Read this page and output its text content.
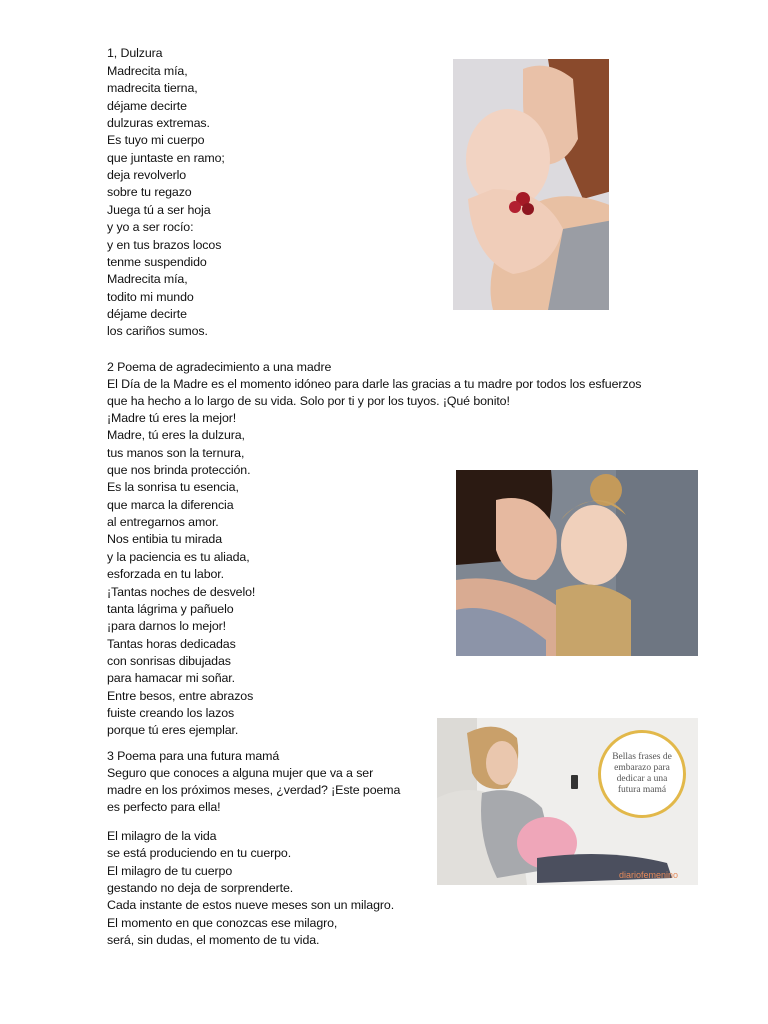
1, Dulzura
Madrecita mía,
madrecita tierna,
déjame decirte
dulzuras extremas.
Es tuyo mi cuerpo
que juntaste en ramo;
deja revolverlo
sobre tu regazo
Juega tú a ser hoja
y yo a ser rocío:
y en tus brazos locos
tenme suspendido
Madrecita mía,
todito mi mundo
déjame decirte
los cariños sumos.
2 Poema de agradecimiento a una madre
El Día de la Madre es el momento idóneo para darle las gracias a tu madre por todos los esfuerzos
que ha hecho a lo largo de su vida. Solo por ti y por los tuyos. ¡Qué bonito!
¡Madre tú eres la mejor!
Madre, tú eres la dulzura,
tus manos son la ternura,
que nos brinda protección.
Es la sonrisa tu esencia,
que marca la diferencia
al entregarnos amor.
Nos entibia tu mirada
y la paciencia es tu aliada,
esforzada en tu labor.
¡Tantas noches de desvelo!
tanta lágrima y pañuelo
¡para darnos lo mejor!
Tantas horas dedicadas
con sonrisas dibujadas
para hamacar mi soñar.
Entre besos, entre abrazos
fuiste creando los lazos
porque tú eres ejemplar.
3 Poema para una futura mamá
Seguro que conoces a alguna mujer que va a ser
madre en los próximos meses, ¿verdad? ¡Este poema
es perfecto para ella!
El milagro de la vida
se está produciendo en tu cuerpo.
El milagro de tu cuerpo
gestando no deja de sorprenderte.
Cada instante de estos nueve meses son un milagro.
El momento en que conozcas ese milagro,
será, sin dudas, el momento de tu vida.
Bellas frases de embarazo para dedicar a una futura mamá
diariofemenino
